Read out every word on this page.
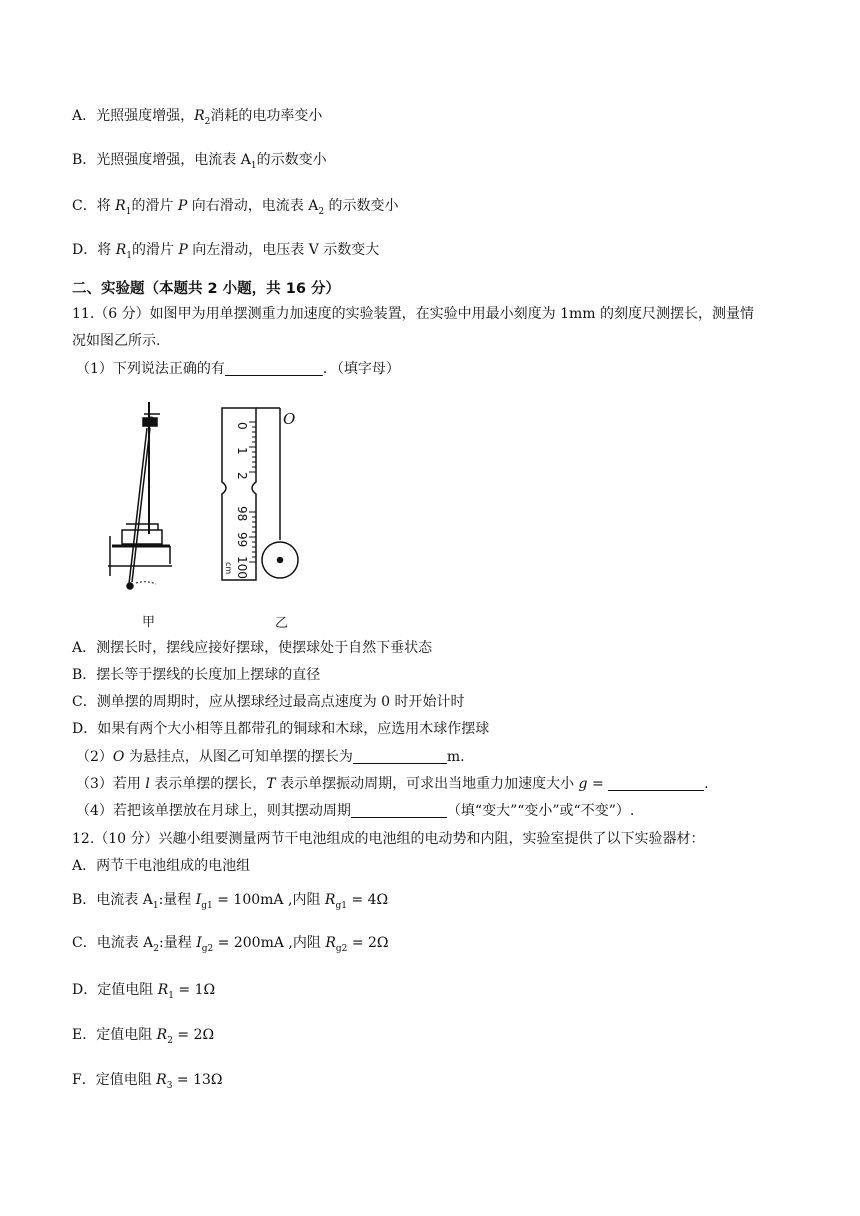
A．光照强度增强，$R_2$消耗的电功率变小
B．光照强度增强，电流表 $A_1$的示数变小
C．将 $R_1$的滑片 P 向右滑动，电流表 $A_2$ 的示数变小
D．将 $R_1$的滑片 P 向左滑动，电压表 V 示数变大
二、实验题（本题共 2 小题，共 16 分）
11.（6 分）如图甲为用单摆测重力加速度的实验装置，在实验中用最小刻度为 1mm 的刻度尺测摆长，测量情
况如图乙所示.
（1）下列说法正确的有	．（填字母）
O
甲
0
1
2
98
99
100
cm
O
乙
A．测摆长时，摆线应接好摆球，使摆球处于自然下垂状态
B．摆长等于摆线的长度加上摆球的直径
C．测单摆的周期时，应从摆球经过最高点速度为 0 时开始计时
D．如果有两个大小相等且都带孔的铜球和木球，应选用木球作摆球
（2）O 为悬挂点，从图乙可知单摆的摆长为	m.
（3）若用 l 表示单摆的摆长，T 表示单摆振动周期，可求出当地重力加速度大小 g =	.
（4）若把该单摆放在月球上，则其摆动周期	（填“变大”“变小”或“不变”）.
12.（10 分）兴趣小组要测量两节干电池组成的电池组的电动势和内阻，实验室提供了以下实验器材：
A．两节干电池组成的电池组
B．电流表 $A_1$:量程 $I_{g1} = 100mA$ ,内阻 $R_{g1} = 4\Omega$
C．电流表 $A_2$:量程 $I_{g2} = 200mA$ ,内阻 $R_{g2} = 2\Omega$
D．定值电阻 $R_1 = 1\Omega$
E．定值电阻 $R_2 = 2\Omega$
F．定值电阻 $R_3 = 13\Omega$
